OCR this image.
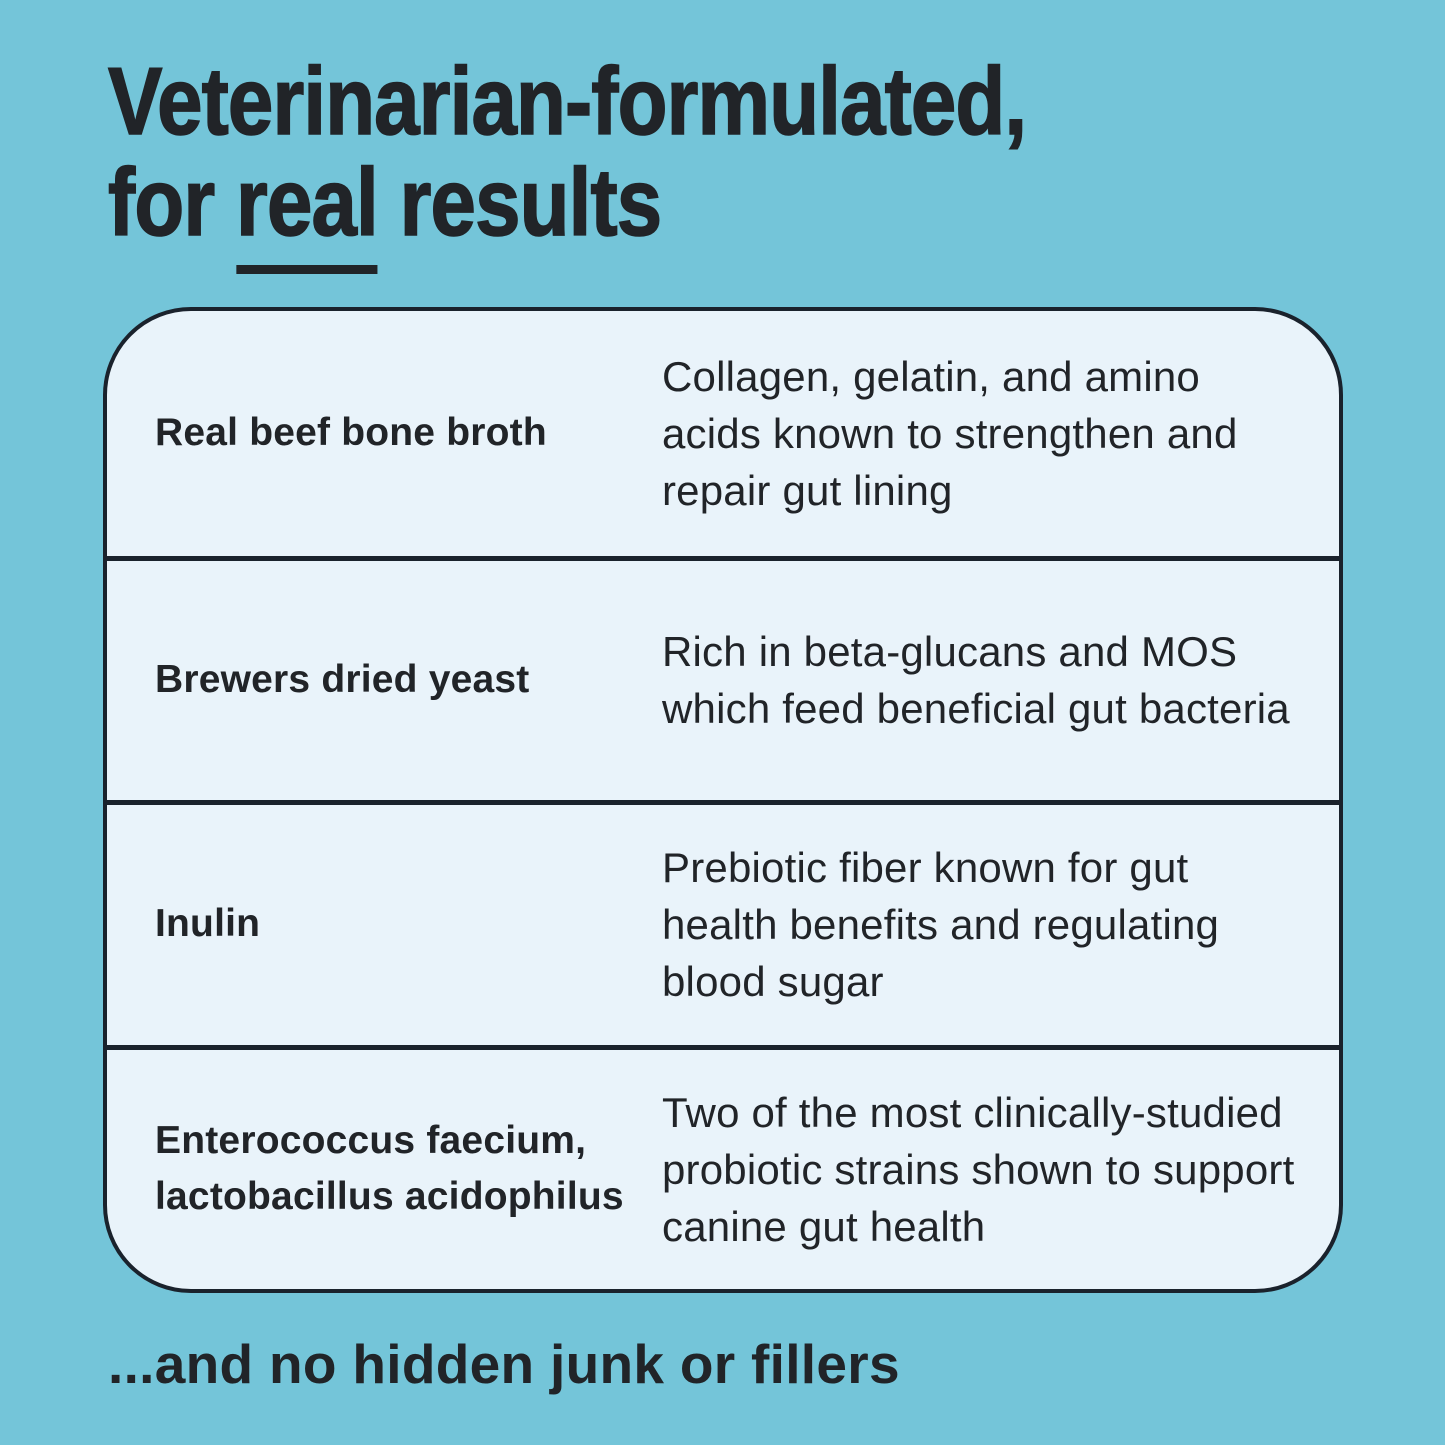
Veterinarian-formulated,
for real results
Real beef bone broth
Collagen, gelatin, and amino acids known to strengthen and repair gut lining
Brewers dried yeast
Rich in beta-glucans and MOS which feed beneficial gut bacteria
Inulin
Prebiotic fiber known for gut health benefits and regulating blood sugar
Enterococcus faecium, lactobacillus acidophilus
Two of the most clinically-studied probiotic strains shown to support canine gut health
...and no hidden junk or fillers
